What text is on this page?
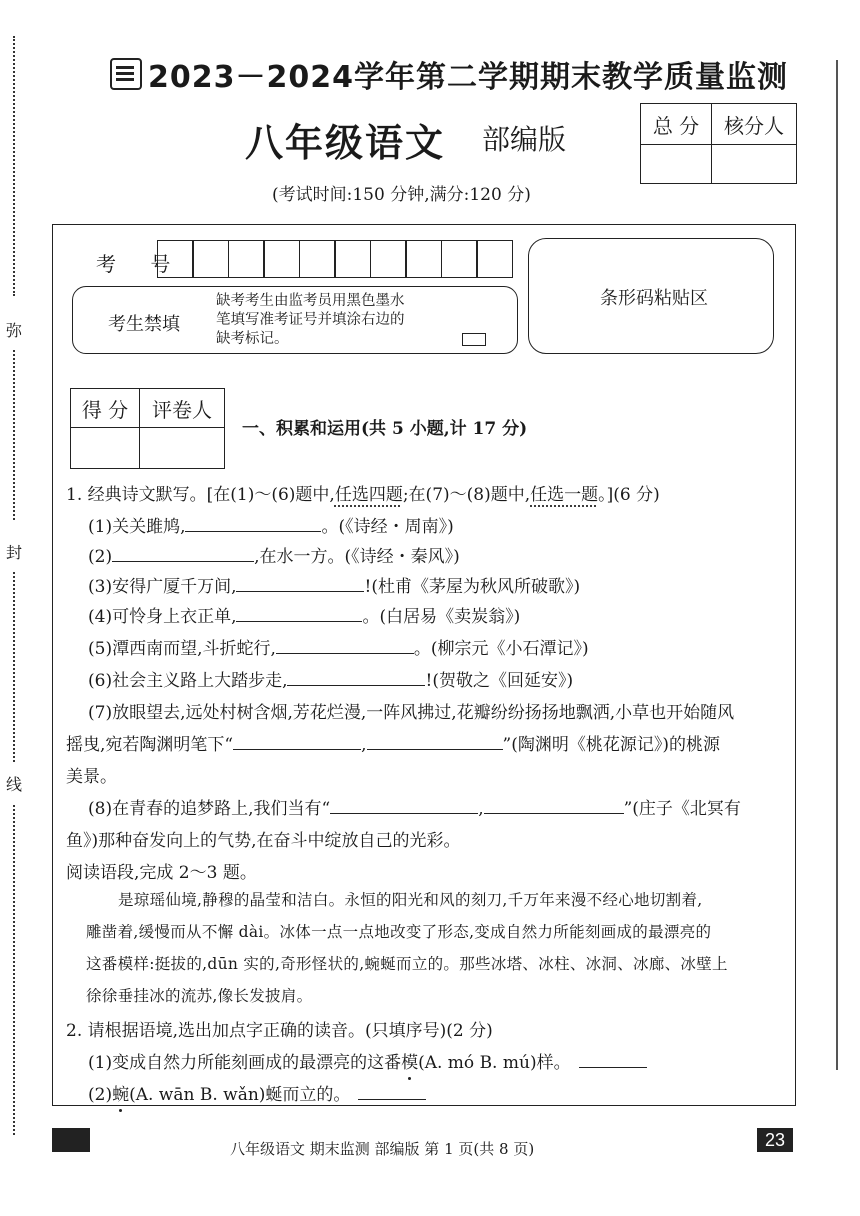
弥
封
线
2023－2024学年第二学期期末教学质量监测
八年级语文 部编版	总 分	核分人

(考试时间:150 分钟,满分:120 分)
考 号
考生禁填
缺考考生由监考员用黑色墨水
笔填写准考证号并填涂右边的
缺考标记。
条形码粘贴区
得 分	评卷人

一、积累和运用(共 5 小题,计 17 分)
1. 经典诗文默写。[在(1)～(6)题中,任选四题;在(7)～(8)题中,任选一题。](6 分)
(1)关关雎鸠,	。(《诗经・周南》)
(2)	,在水一方。(《诗经・秦风》)
(3)安得广厦千万间,	!(杜甫《茅屋为秋风所破歌》)
(4)可怜身上衣正单,	。(白居易《卖炭翁》)
(5)潭西南而望,斗折蛇行,	。(柳宗元《小石潭记》)
(6)社会主义路上大踏步走,	!(贺敬之《回延安》)
(7)放眼望去,远处村树含烟,芳花烂漫,一阵风拂过,花瓣纷纷扬扬地飘洒,小草也开始随风
摇曳,宛若陶渊明笔下“	,	”(陶渊明《桃花源记》)的桃源
美景。
(8)在青春的追梦路上,我们当有“	,	”(庄子《北冥有
鱼》)那种奋发向上的气势,在奋斗中绽放自己的光彩。
阅读语段,完成 2～3 题。
是琼瑶仙境,静穆的晶莹和洁白。永恒的阳光和风的刻刀,千万年来漫不经心地切割着,
雕凿着,缓慢而从不懈 dài。冰体一点一点地改变了形态,变成自然力所能刻画成的最漂亮的
这番模样:挺拔的,dūn 实的,奇形怪状的,蜿蜒而立的。那些冰塔、冰柱、冰洞、冰廊、冰壁上
徐徐垂挂冰的流苏,像长发披肩。
2. 请根据语境,选出加点字正确的读音。(只填序号)(2 分)
(1)变成自然力所能刻画成的最漂亮的这番模(A. mó B. mú)样。
(2)蜿(A. wān B. wǎn)蜒而立的。
八年级语文 期末监测 部编版 第 1 页(共 8 页)	23
